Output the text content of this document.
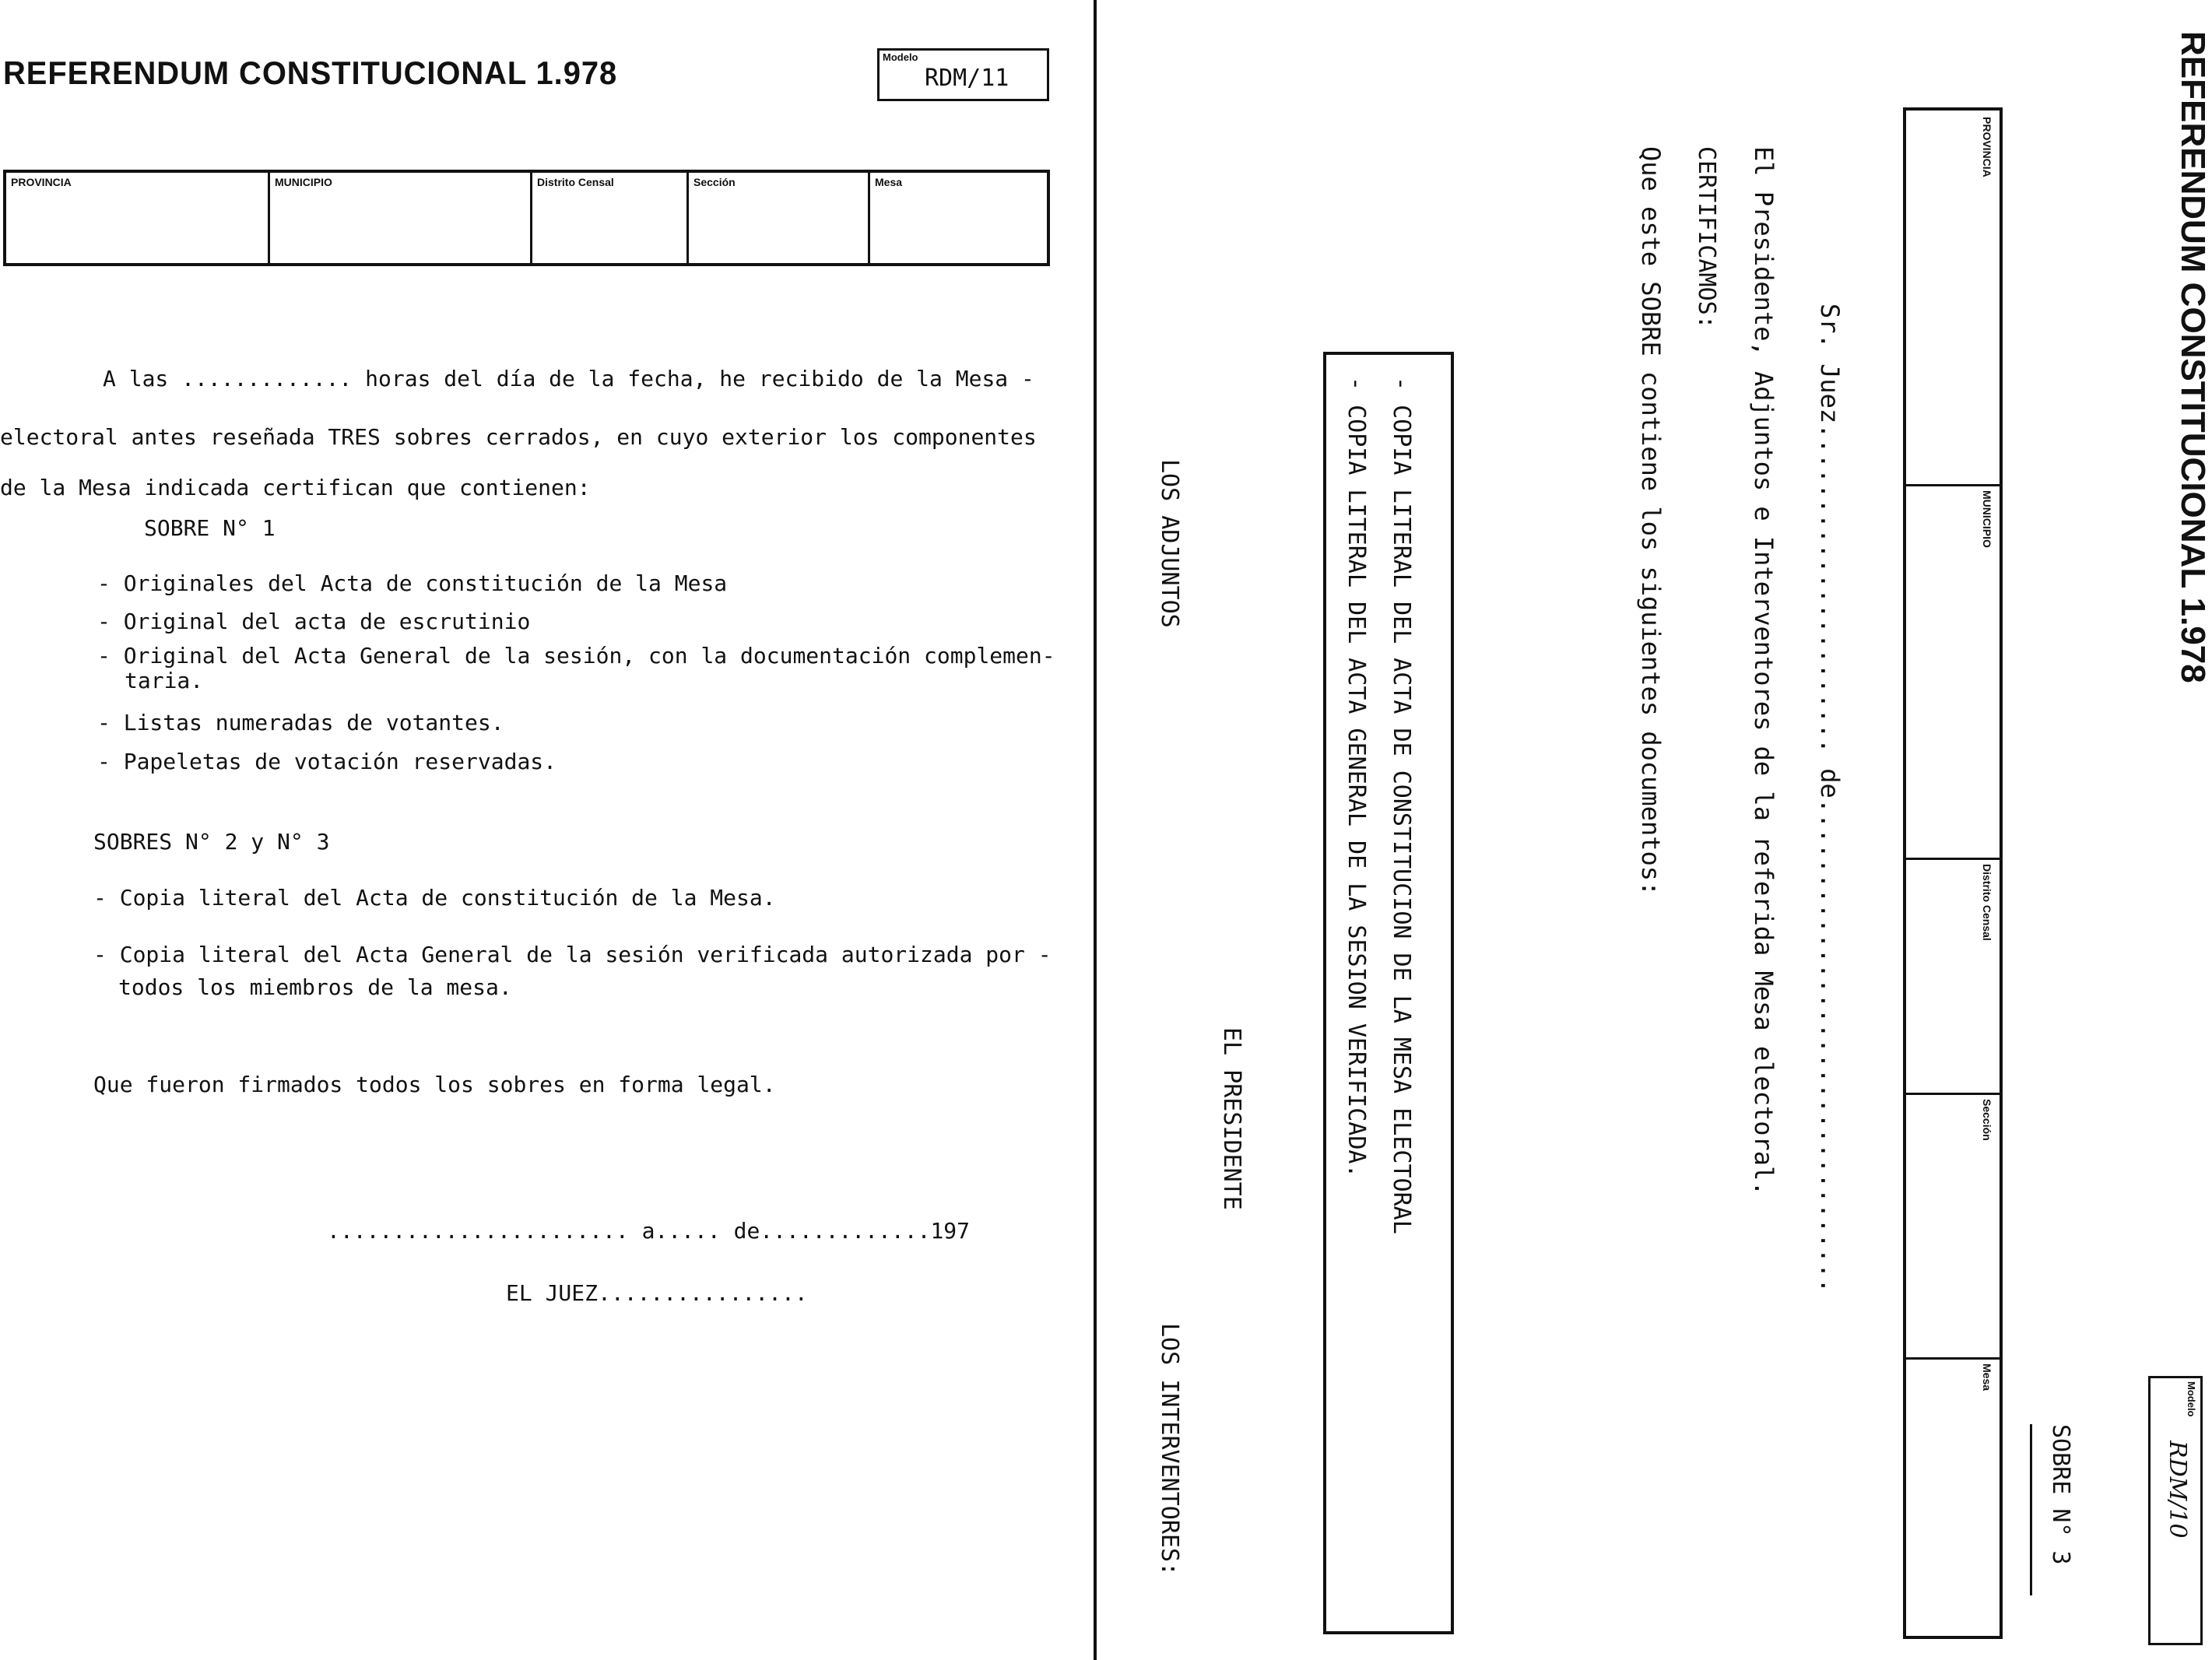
REFERENDUM CONSTITUCIONAL 1.978	Modelo
RDM/11
PROVINCIA	MUNICIPIO	Distrito Censal	Sección	Mesa
A las ............. horas del día de la fecha, he recibido de la Mesa -
electoral antes reseñada TRES sobres cerrados, en cuyo exterior los componentes
de la Mesa indicada certifican que contienen:
SOBRE N° 1
- Originales del Acta de constitución de la Mesa
- Original del acta de escrutinio
- Original del Acta General de la sesión, con la documentación complemen-
taria.
- Listas numeradas de votantes.
- Papeletas de votación reservadas.
SOBRES N° 2 y N° 3
- Copia literal del Acta de constitución de la Mesa.
- Copia literal del Acta General de la sesión verificada autorizada por -
todos los miembros de la mesa.
Que fueron firmados todos los sobres en forma legal.
....................... a..... de.............197
EL JUEZ................
REFERENDUM CONSTITUCIONAL 1.978
PROVINCIA
MUNICIPIO
Distrito Censal
Sección
Mesa
SOBRE N° 3
Modelo
RDM/10
Sr. Juez...................... de.................................
El Presidente, Adjuntos e Interventores de la referida Mesa electoral.
CERTIFICAMOS:
Que este SOBRE contiene los siguientes documentos:
- COPIA LITERAL DEL ACTA DE CONSTITUCION DE LA MESA ELECTORAL
- COPIA LITERAL DEL ACTA GENERAL DE LA SESION VERIFICADA.
EL PRESIDENTE
LOS ADJUNTOS
LOS INTERVENTORES:
